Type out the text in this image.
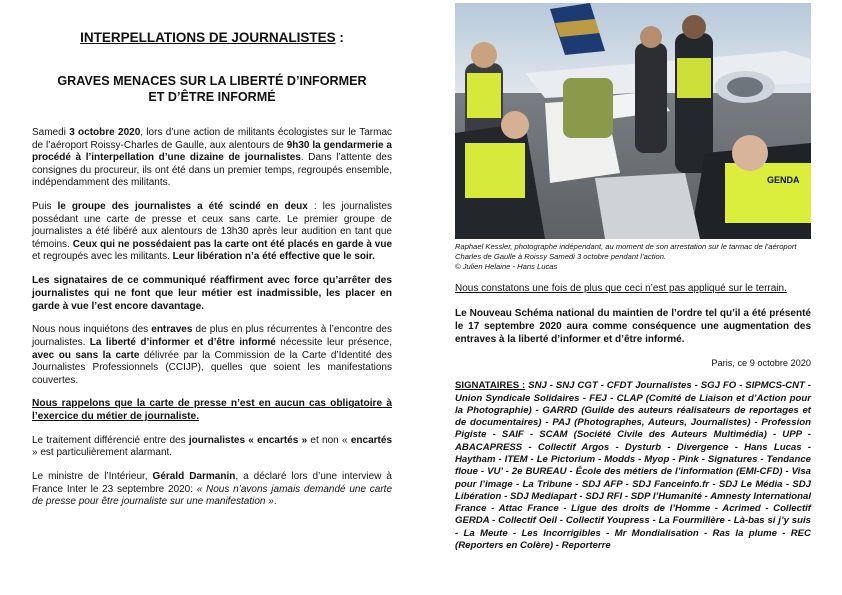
INTERPELLATIONS DE JOURNALISTES :
GRAVES MENACES SUR LA LIBERTÉ D’INFORMER
ET D’ÊTRE INFORMÉ

Samedi 3 octobre 2020, lors d’une action de militants écologistes sur le Tarmac de l’aéroport Roissy-Charles de Gaulle, aux alentours de 9h30 la gendarmerie a procédé à l’interpellation d’une dizaine de journalistes. Dans l’attente des consignes du procureur, ils ont été dans un premier temps, regroupés ensemble, indépendamment des militants.

Puis le groupe des journalistes a été scindé en deux : les journalistes possédant une carte de presse et ceux sans carte. Le premier groupe de journalistes a été libéré aux alentours de 13h30 après leur audition en tant que témoins. Ceux qui ne possédaient pas la carte ont été placés en garde à vue et regroupés avec les militants. Leur libération n’a été effective que le soir.

Les signataires de ce communiqué réaffirment avec force qu’arrêter des journalistes qui ne font que leur métier est inadmissible, les placer en garde à vue l’est encore davantage.

Nous nous inquiétons des entraves de plus en plus récurrentes à l’encontre des journalistes. La liberté d’informer et d’être informé nécessite leur présence, avec ou sans la carte délivrée par la Commission de la Carte d’Identité des Journalistes Professionnels (CCIJP), quelles que soient les manifestations couvertes.

Nous rappelons que la carte de presse n’est en aucun cas obligatoire à l’exercice du métier de journaliste.

Le traitement différencié entre des journalistes « encartés » et non « encartés » est particulièrement alarmant.

Le ministre de l’Intérieur, Gérald Darmanin, a déclaré lors d’une interview à France Inter le 23 septembre 2020: « Nous n’avons jamais demandé une carte de presse pour être journaliste sur une manifestation ».

GENDA
Raphael Kessler, photographe indépendant, au moment de son arrestation sur le tarmac de l’aéroport Charles de Gaulle à Roissy Samedi 3 octobre pendant l’action.
© Julien Helaine - Hans Lucas

Nous constatons une fois de plus que ceci n’est pas appliqué sur le terrain.

Le Nouveau Schéma national du maintien de l’ordre tel qu’il a été présenté le 17 septembre 2020 aura comme conséquence une augmentation des entraves à la liberté d’informer et d’être informé.

Paris, ce 9 octobre 2020

SIGNATAIRES : SNJ - SNJ CGT - CFDT Journalistes - SGJ FO - SIPMCS-CNT - Union Syndicale Solidaires - FEJ - CLAP (Comité de Liaison et d’Action pour la Photographie) - GARRD (Guilde des auteurs réalisateurs de reportages et de documentaires) - PAJ (Photographes, Auteurs, Journalistes) - Profession Pigiste - SAIF - SCAM (Société Civile des Auteurs Multimédia) - UPP - ABACAPRESS - Collectif Argos - Dysturb - Divergence - Hans Lucas - Haytham - ITEM - Le Pictorium - Modds - Myop - Pink - Signatures - Tendance floue - VU’ - 2e BUREAU - École des métiers de l’information (EMI-CFD) - Visa pour l’image - La Tribune - SDJ AFP - SDJ Fanceinfo.fr - SDJ Le Média - SDJ Libération - SDJ Mediapart - SDJ RFI - SDP l’Humanité - Amnesty International France - Attac France - Ligue des droits de l’Homme - Acrimed - Collectif GERDA - Collectif Oeil - Collectif Youpress - La Fourmilière - Là-bas si j’y suis - La Meute - Les Incorrigibles - Mr Mondialisation - Ras la plume - REC (Reporters en Colère) - Reporterre
